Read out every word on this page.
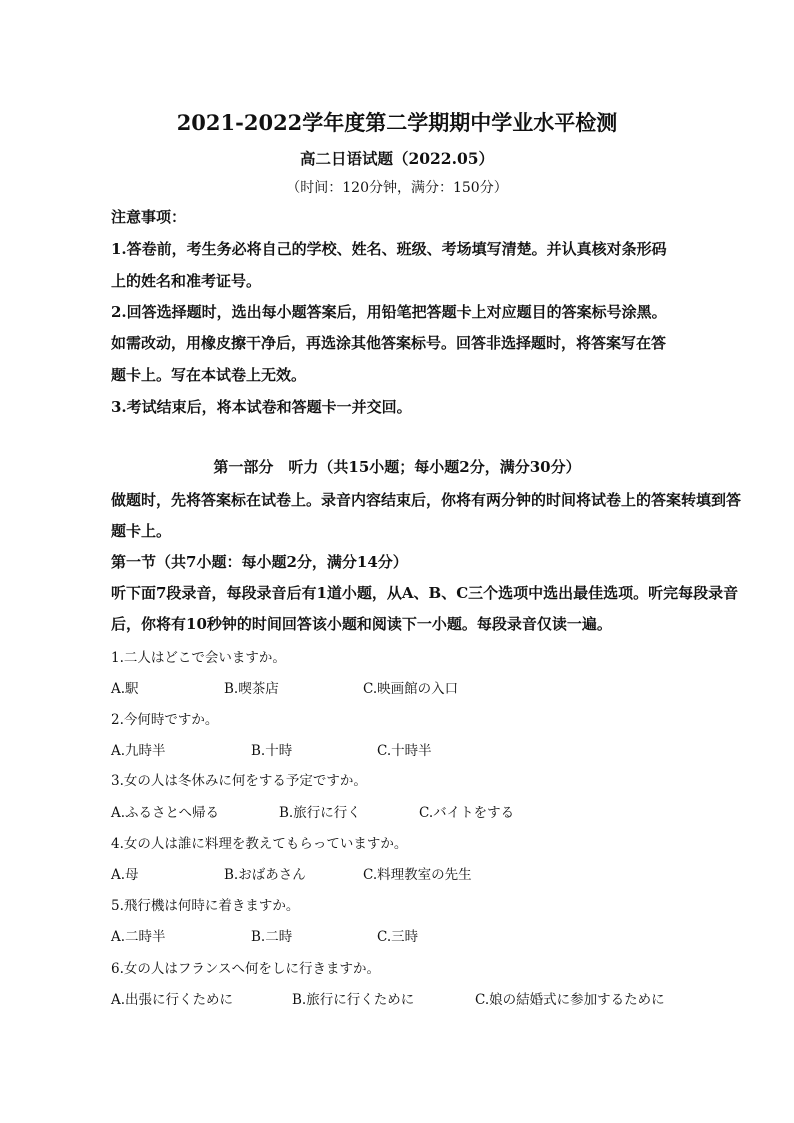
2021-2022学年度第二学期期中学业水平检测
高二日语试题（2022.05）
（时间：120分钟，满分：150分）
注意事项：
1.答卷前，考生务必将自己的学校、姓名、班级、考场填写清楚。并认真核对条形码
上的姓名和准考证号。
2.回答选择题时，选出每小题答案后，用铅笔把答题卡上对应题目的答案标号涂黑。
如需改动，用橡皮擦干净后，再选涂其他答案标号。回答非选择题时，将答案写在答
题卡上。写在本试卷上无效。
3.考试结束后，将本试卷和答题卡一并交回。
第一部分　听力（共15小题；每小题2分，满分30分）
做题时，先将答案标在试卷上。录音内容结束后，你将有两分钟的时间将试卷上的答案转填到答
题卡上。
第一节（共7小题：每小题2分，满分14分）
听下面7段录音，每段录音后有1道小题，从A、B、C三个选项中选出最佳选项。听完每段录音
后，你将有10秒钟的时间回答该小题和阅读下一小题。每段录音仅读一遍。
1.二人はどこで会いますか。
A.駅	B.喫茶店	C.映画館の入口
2.今何時ですか。
A.九時半	B.十時	C.十時半
3.女の人は冬休みに何をする予定ですか。
A.ふるさとへ帰る	B.旅行に行く	C.バイトをする
4.女の人は誰に料理を教えてもらっていますか。
A.母	B.おばあさん	C.料理教室の先生
5.飛行機は何時に着きますか。
A.二時半	B.二時	C.三時
6.女の人はフランスへ何をしに行きますか。
A.出張に行くために	B.旅行に行くために	C.娘の結婚式に参加するために
